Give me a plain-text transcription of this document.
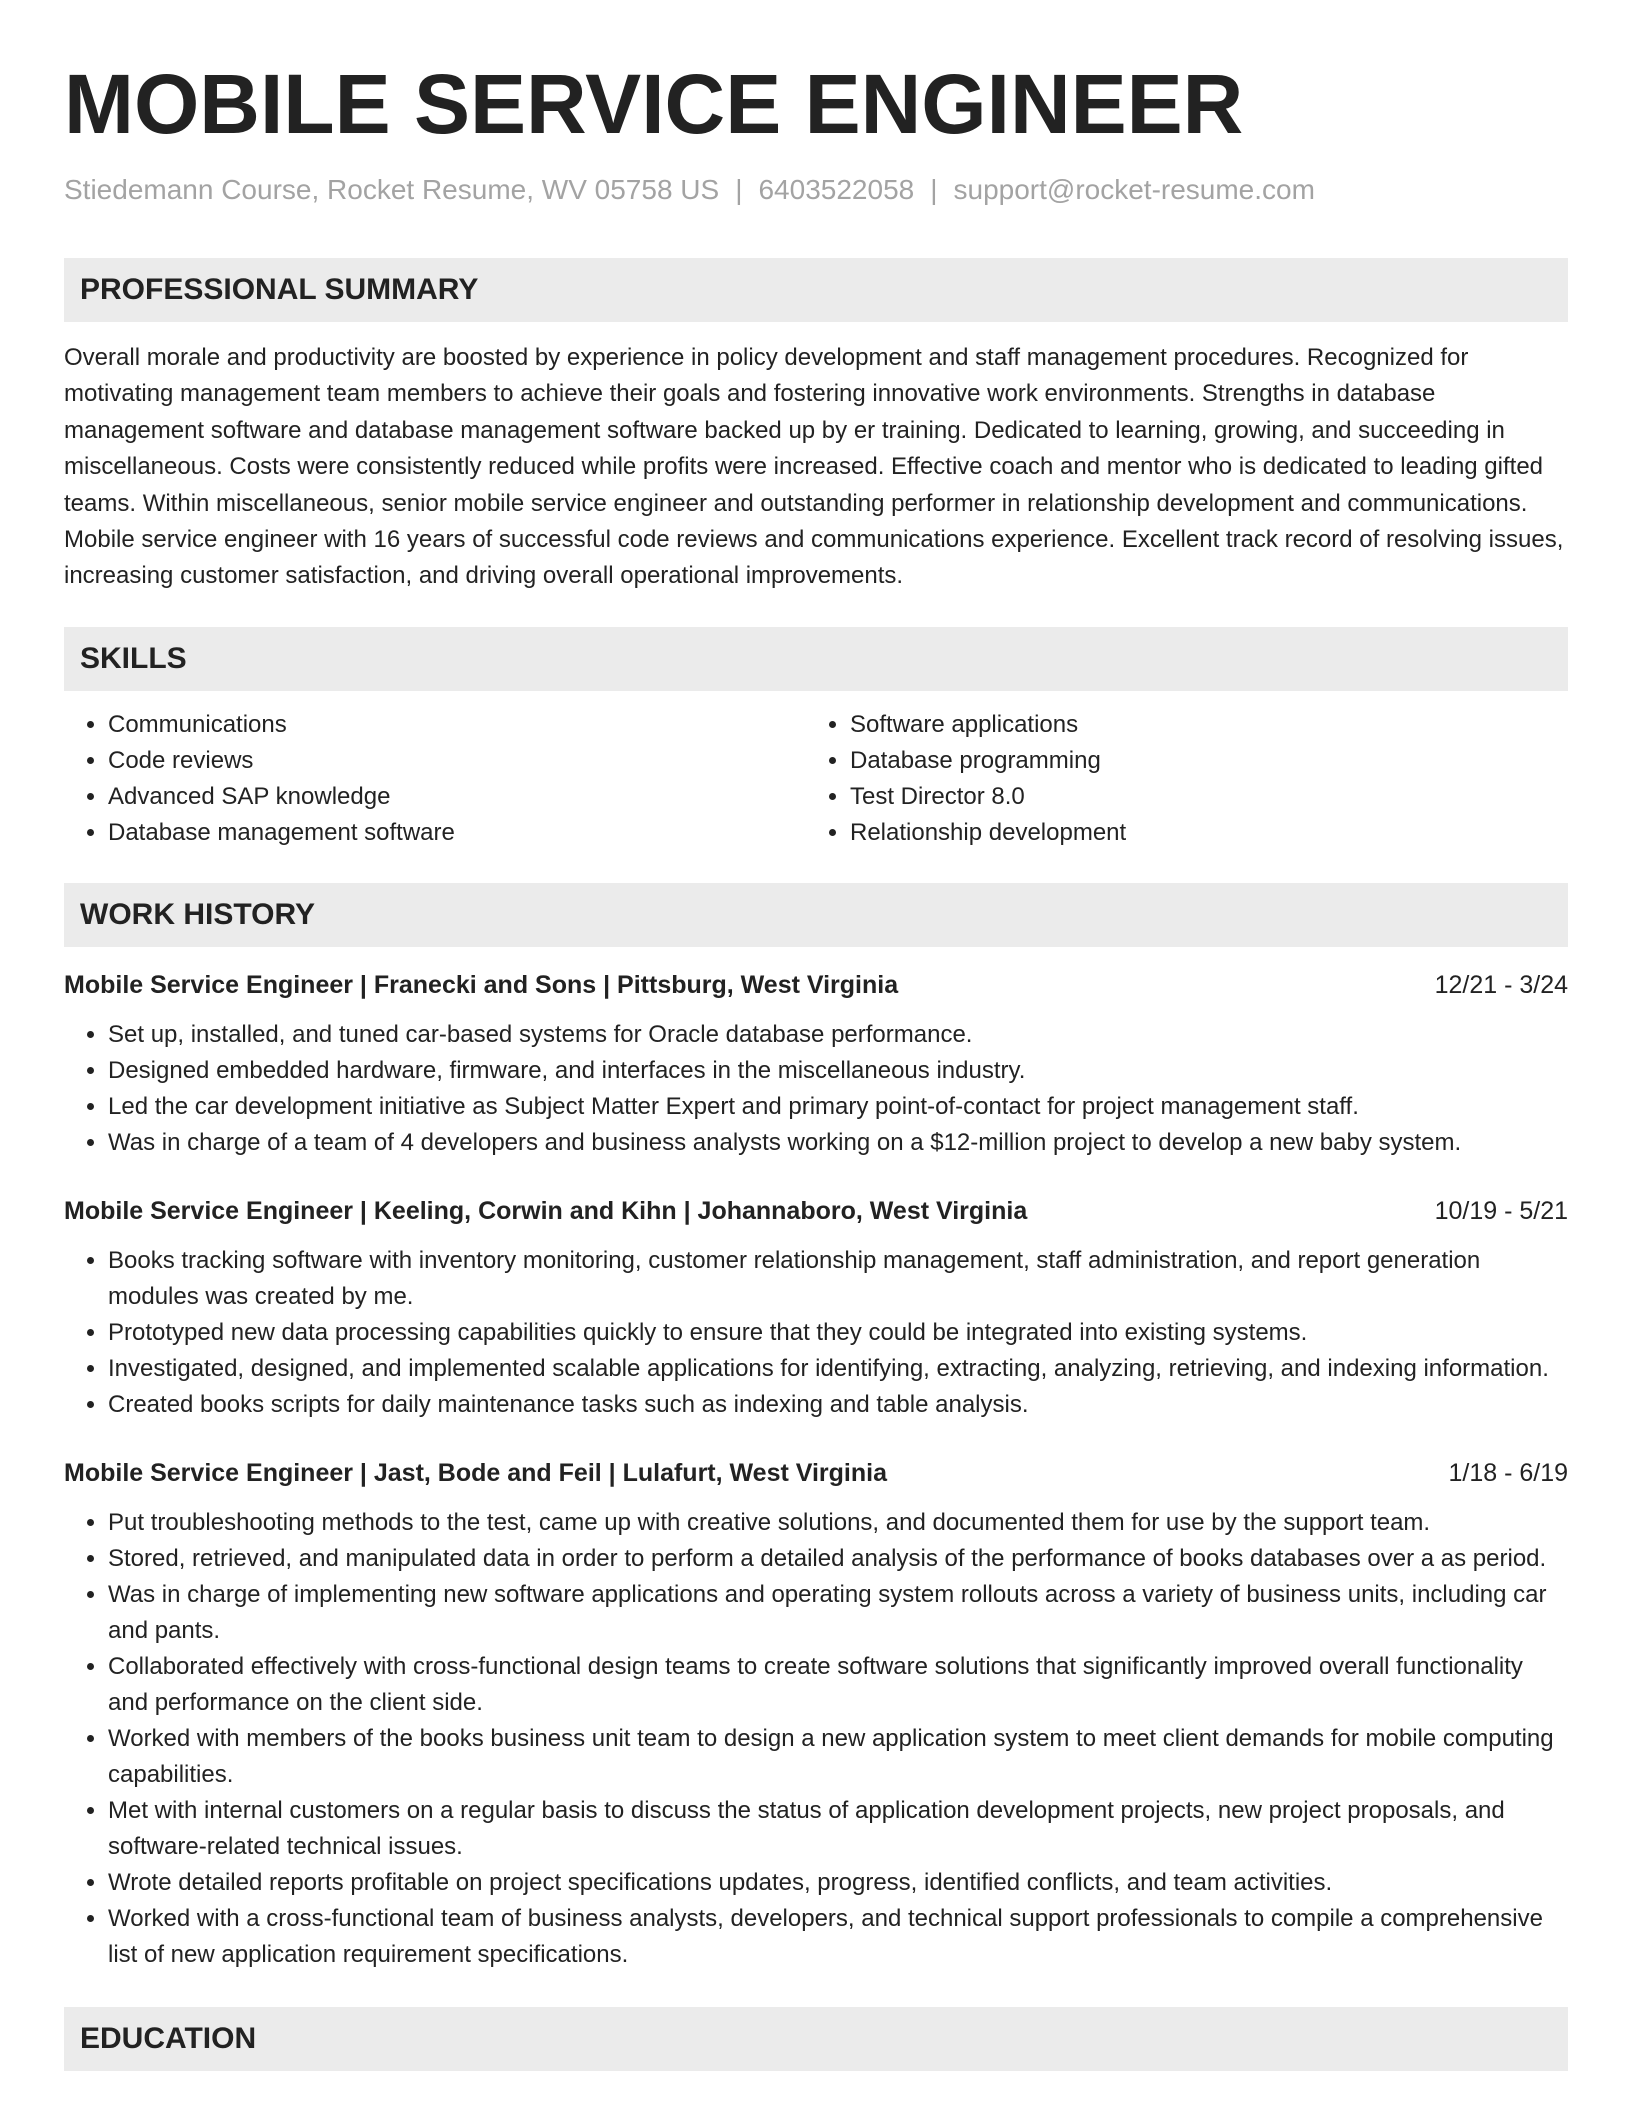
MOBILE SERVICE ENGINEER
Stiedemann Course, Rocket Resume, WV 05758 US | 6403522058 | support@rocket-resume.com
PROFESSIONAL SUMMARY
Overall morale and productivity are boosted by experience in policy development and staff management procedures. Recognized for motivating management team members to achieve their goals and fostering innovative work environments. Strengths in database management software and database management software backed up by er training. Dedicated to learning, growing, and succeeding in miscellaneous. Costs were consistently reduced while profits were increased. Effective coach and mentor who is dedicated to leading gifted teams. Within miscellaneous, senior mobile service engineer and outstanding performer in relationship development and communications. Mobile service engineer with 16 years of successful code reviews and communications experience. Excellent track record of resolving issues, increasing customer satisfaction, and driving overall operational improvements.
SKILLS
• Communications
• Code reviews
• Advanced SAP knowledge
• Database management software
• Software applications
• Database programming
• Test Director 8.0
• Relationship development
WORK HISTORY
Mobile Service Engineer | Franecki and Sons | Pittsburg, West Virginia	12/21 - 3/24
• Set up, installed, and tuned car-based systems for Oracle database performance.
• Designed embedded hardware, firmware, and interfaces in the miscellaneous industry.
• Led the car development initiative as Subject Matter Expert and primary point-of-contact for project management staff.
• Was in charge of a team of 4 developers and business analysts working on a $12-million project to develop a new baby system.
Mobile Service Engineer | Keeling, Corwin and Kihn | Johannaboro, West Virginia	10/19 - 5/21
• Books tracking software with inventory monitoring, customer relationship management, staff administration, and report generation modules was created by me.
• Prototyped new data processing capabilities quickly to ensure that they could be integrated into existing systems.
• Investigated, designed, and implemented scalable applications for identifying, extracting, analyzing, retrieving, and indexing information.
• Created books scripts for daily maintenance tasks such as indexing and table analysis.
Mobile Service Engineer | Jast, Bode and Feil | Lulafurt, West Virginia	1/18 - 6/19
• Put troubleshooting methods to the test, came up with creative solutions, and documented them for use by the support team.
• Stored, retrieved, and manipulated data in order to perform a detailed analysis of the performance of books databases over a as period.
• Was in charge of implementing new software applications and operating system rollouts across a variety of business units, including car and pants.
• Collaborated effectively with cross-functional design teams to create software solutions that significantly improved overall functionality and performance on the client side.
• Worked with members of the books business unit team to design a new application system to meet client demands for mobile computing capabilities.
• Met with internal customers on a regular basis to discuss the status of application development projects, new project proposals, and software-related technical issues.
• Wrote detailed reports profitable on project specifications updates, progress, identified conflicts, and team activities.
• Worked with a cross-functional team of business analysts, developers, and technical support professionals to compile a comprehensive list of new application requirement specifications.
EDUCATION
